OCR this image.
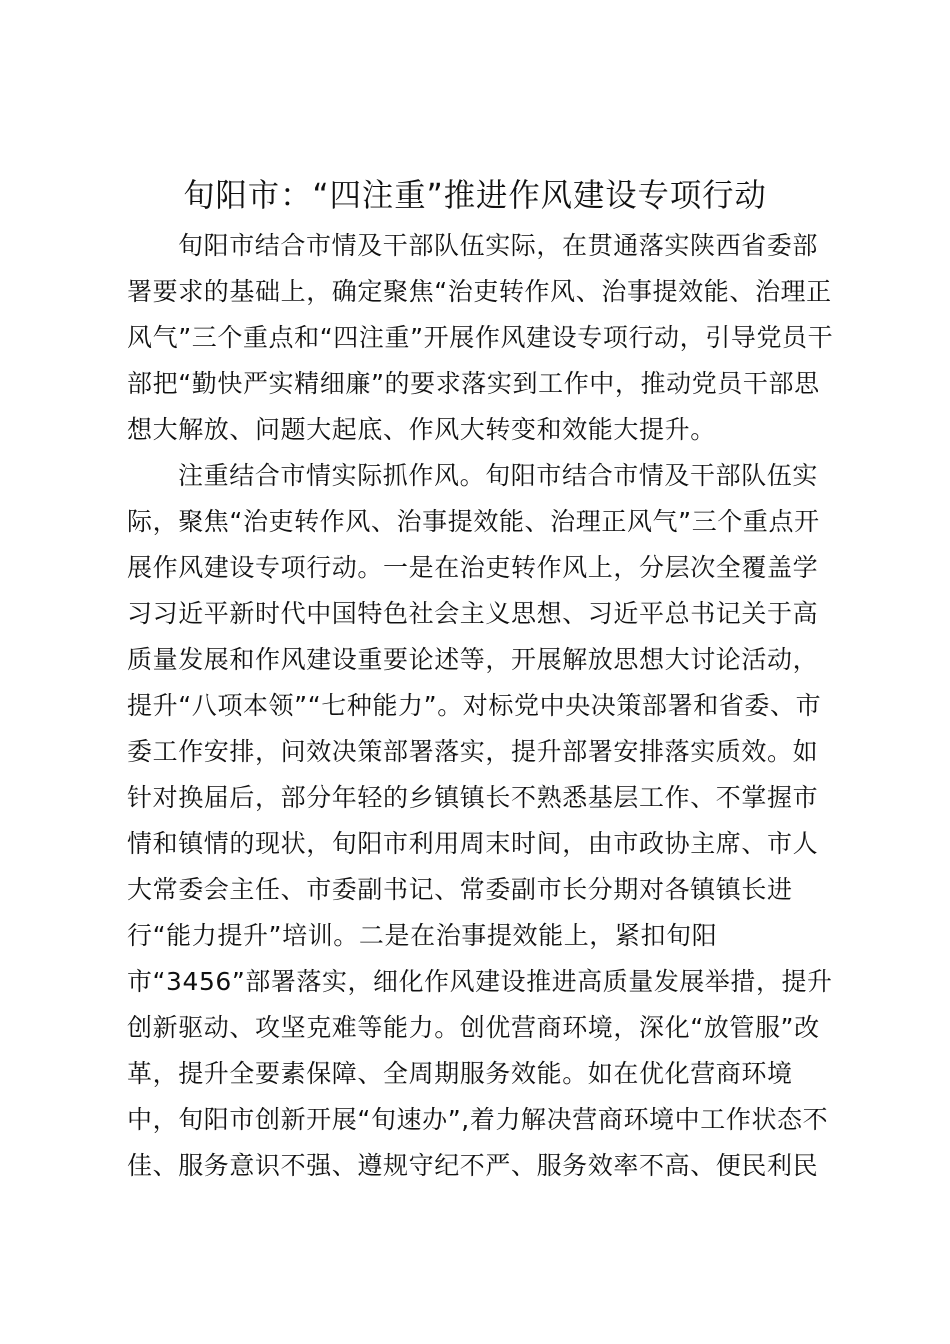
旬阳市：“四注重”推进作风建设专项行动
旬阳市结合市情及干部队伍实际，在贯通落实陕西省委部
署要求的基础上，确定聚焦“治吏转作风、治事提效能、治理正
风气”三个重点和“四注重”开展作风建设专项行动，引导党员干
部把“勤快严实精细廉”的要求落实到工作中，推动党员干部思
想大解放、问题大起底、作风大转变和效能大提升。
注重结合市情实际抓作风。旬阳市结合市情及干部队伍实
际，聚焦“治吏转作风、治事提效能、治理正风气”三个重点开
展作风建设专项行动。一是在治吏转作风上，分层次全覆盖学
习习近平新时代中国特色社会主义思想、习近平总书记关于高
质量发展和作风建设重要论述等，开展解放思想大讨论活动，
提升“八项本领”“七种能力”。对标党中央决策部署和省委、市
委工作安排，问效决策部署落实，提升部署安排落实质效。如
针对换届后，部分年轻的乡镇镇长不熟悉基层工作、不掌握市
情和镇情的现状，旬阳市利用周末时间，由市政协主席、市人
大常委会主任、市委副书记、常委副市长分期对各镇镇长进
行“能力提升”培训。二是在治事提效能上，紧扣旬阳
市“3456”部署落实，细化作风建设推进高质量发展举措，提升
创新驱动、攻坚克难等能力。创优营商环境，深化“放管服”改
革，提升全要素保障、全周期服务效能。如在优化营商环境
中，旬阳市创新开展“旬速办”,着力解决营商环境中工作状态不
佳、服务意识不强、遵规守纪不严、服务效率不高、便民利民
